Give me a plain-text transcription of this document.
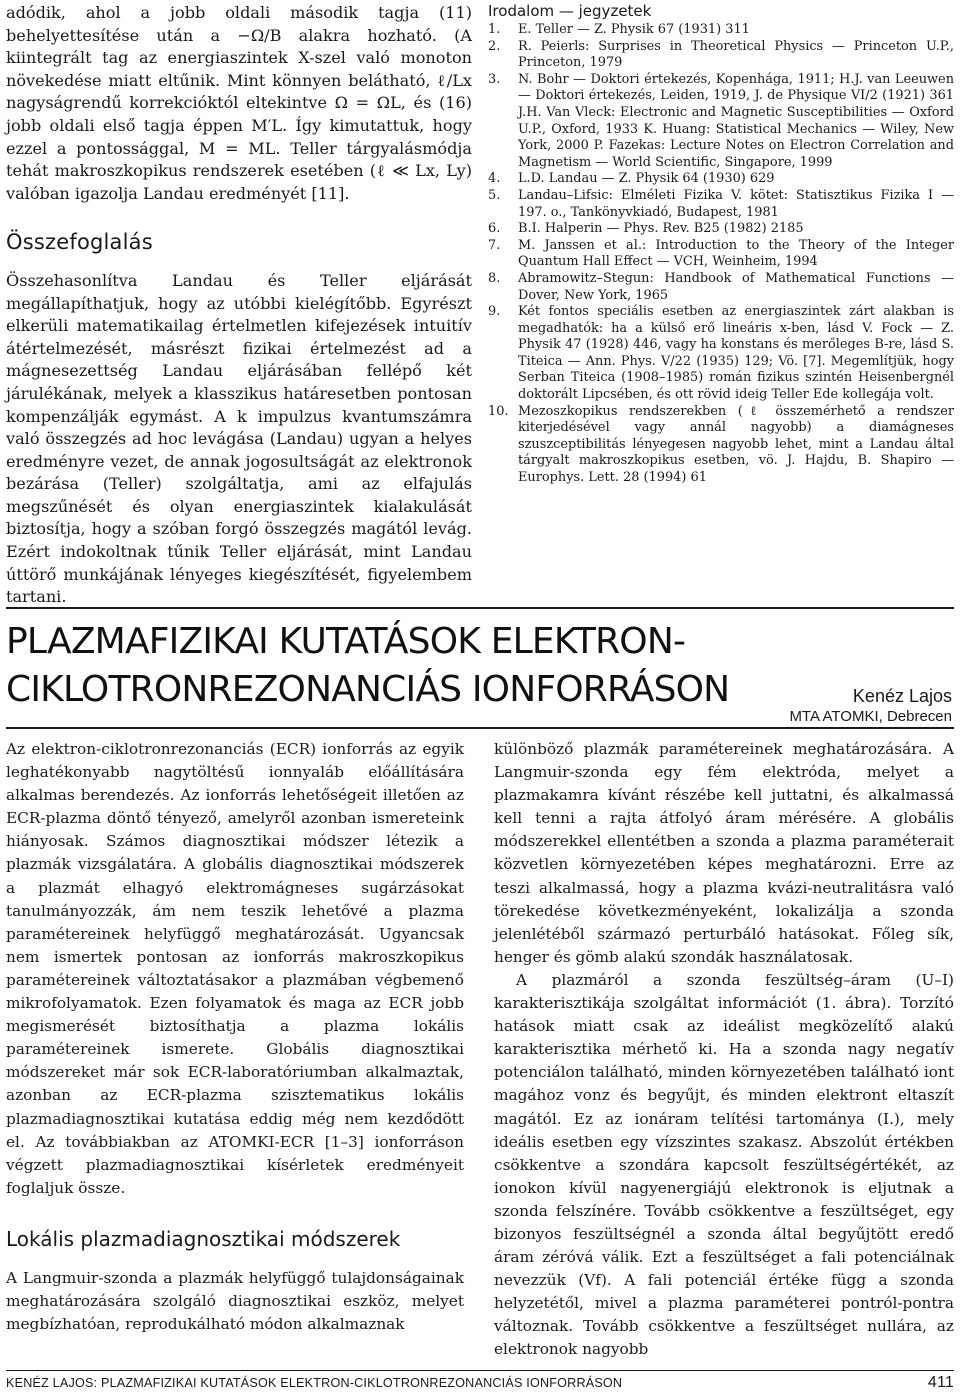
adódik, ahol a jobb oldali második tagja (11) behelyettesítése után a −Ω/B alakra hozható. (A kiintegrált tag az energiaszintek X-szel való monoton növekedése miatt eltűnik. Mint könnyen belátható, ℓ/Lx nagyságrendű korrekcióktól eltekintve Ω = ΩL, és (16) jobb oldali első tagja éppen M′L. Így kimutattuk, hogy ezzel a pontossággal, M = ML. Teller tárgyalásmódja tehát makroszkopikus rendszerek esetében (ℓ ≪ Lx, Ly) valóban igazolja Landau eredményét [11].

Összefoglalás

Összehasonlítva Landau és Teller eljárását megállapíthatjuk, hogy az utóbbi kielégítőbb. Egyrészt elkerüli matematikailag értelmetlen kifejezések intuitív átértelmezését, másrészt fizikai értelmezést ad a mágnesezettség Landau eljárásában fellépő két járulékának, melyek a klasszikus határesetben pontosan kompenzálják egymást. A k impulzus kvantumszámra való összegzés ad hoc levágása (Landau) ugyan a helyes eredményre vezet, de annak jogosultságát az elektronok bezárása (Teller) szolgáltatja, ami az elfajulás megszűnését és olyan energiaszintek kialakulását biztosítja, hogy a szóban forgó összegzés magától levág. Ezért indokoltnak tűnik Teller eljárását, mint Landau úttörő munkájának lényeges kiegészítését, figyelembem tartani.

Irodalom — jegyzetek
1. E. Teller — Z. Physik 67 (1931) 311
2. R. Peierls: Surprises in Theoretical Physics — Princeton U.P., Princeton, 1979
3. N. Bohr — Doktori értekezés, Kopenhága, 1911; H.J. van Leeuwen — Doktori értekezés, Leiden, 1919, J. de Physique VI/2 (1921) 361 J.H. Van Vleck: Electronic and Magnetic Susceptibilities — Oxford U.P., Oxford, 1933 K. Huang: Statistical Mechanics — Wiley, New York, 2000 P. Fazekas: Lecture Notes on Electron Correlation and Magnetism — World Scientific, Singapore, 1999
4. L.D. Landau — Z. Physik 64 (1930) 629
5. Landau–Lifsic: Elméleti Fizika V. kötet: Statisztikus Fizika I — 197. o., Tankönyvkiadó, Budapest, 1981
6. B.I. Halperin — Phys. Rev. B25 (1982) 2185
7. M. Janssen et al.: Introduction to the Theory of the Integer Quantum Hall Effect — VCH, Weinheim, 1994
8. Abramowitz–Stegun: Handbook of Mathematical Functions — Dover, New York, 1965
9. Két fontos speciális esetben az energiaszintek zárt alakban is megadhatók: ha a külső erő lineáris x-ben, lásd V. Fock — Z. Physik 47 (1928) 446, vagy ha konstans és merőleges B-re, lásd S. Titeica — Ann. Phys. V/22 (1935) 129; Vö. [7]. Megemlítjük, hogy Serban Titeica (1908–1985) román fizikus szintén Heisenbergnél doktorált Lipcsében, és ott rövid ideig Teller Ede kollegája volt.
10. Mezoszkopikus rendszerekben (ℓ összemérhető a rendszer kiterjedésével vagy annál nagyobb) a diamágneses szuszceptibilitás lényegesen nagyobb lehet, mint a Landau által tárgyalt makroszkopikus esetben, vö. J. Hajdu, B. Shapiro — Europhys. Lett. 28 (1994) 61
PLAZMAFIZIKAI KUTATÁSOK ELEKTRON-CIKLOTRONREZONANCIÁS IONFORRÁSON	Kenéz Lajos
MTA ATOMKI, Debrecen

Az elektron-ciklotronrezonanciás (ECR) ionforrás az egyik leghatékonyabb nagytöltésű ionnyaláb előállítására alkalmas berendezés. Az ionforrás lehetőségeit illetően az ECR-plazma döntő tényező, amelyről azonban ismereteink hiányosak. Számos diagnosztikai módszer létezik a plazmák vizsgálatára. A globális diagnosztikai módszerek a plazmát elhagyó elektromágneses sugárzásokat tanulmányozzák, ám nem teszik lehetővé a plazma paramétereinek helyfüggő meghatározását. Ugyancsak nem ismertek pontosan az ionforrás makroszkopikus paramétereinek változtatásakor a plazmában végbemenő mikrofolyamatok. Ezen folyamatok és maga az ECR jobb megismerését biztosíthatja a plazma lokális paramétereinek ismerete. Globális diagnosztikai módszereket már sok ECR-laboratóriumban alkalmaztak, azonban az ECR-plazma szisztematikus lokális plazmadiagnosztikai kutatása eddig még nem kezdődött el. Az továbbiakban az ATOMKI-ECR [1–3] ionforráson végzett plazmadiagnosztikai kísérletek eredményeit foglaljuk össze.

Lokális plazmadiagnosztikai módszerek

A Langmuir-szonda a plazmák helyfüggő tulajdonságainak meghatározására szolgáló diagnosztikai eszköz, melyet megbízhatóan, reprodukálható módon alkalmaznak

különböző plazmák paramétereinek meghatározására. A Langmuir-szonda egy fém elektróda, melyet a plazmakamra kívánt részébe kell juttatni, és alkalmassá kell tenni a rajta átfolyó áram mérésére. A globális módszerekkel ellentétben a szonda a plazma paraméterait közvetlen környezetében képes meghatározni. Erre az teszi alkalmassá, hogy a plazma kvázi-neutralitásra való törekedése következményeként, lokalizálja a szonda jelenlétéből származó perturbáló hatásokat. Főleg sík, henger és gömb alakú szondák használatosak.

A plazmáról a szonda feszültség–áram (U–I) karakterisztikája szolgáltat információt (1. ábra). Torzító hatások miatt csak az ideálist megközelítő alakú karakterisztika mérhető ki. Ha a szonda nagy negatív potenciálon található, minden környezetében található iont magához vonz és begyűjt, és minden elektront eltaszít magától. Ez az ionáram telítési tartománya (I.), mely ideális esetben egy vízszintes szakasz. Abszolút értékben csökkentve a szondára kapcsolt feszültségértékét, az ionokon kívül nagyenergiájú elektronok is eljutnak a szonda felszínére. Tovább csökkentve a feszültséget, egy bizonyos feszültségnél a szonda által begyűjtött eredő áram zéróvá válik. Ezt a feszültséget a fali potenciálnak nevezzük (Vf). A fali potenciál értéke függ a szonda helyzetétől, mivel a plazma paraméterei pontról-pontra változnak. Tovább csökkentve a feszültséget nullára, az elektronok nagyobb

KENÉZ LAJOS: PLAZMAFIZIKAI KUTATÁSOK ELEKTRON-CIKLOTRONREZONANCIÁS IONFORRÁSON	411
